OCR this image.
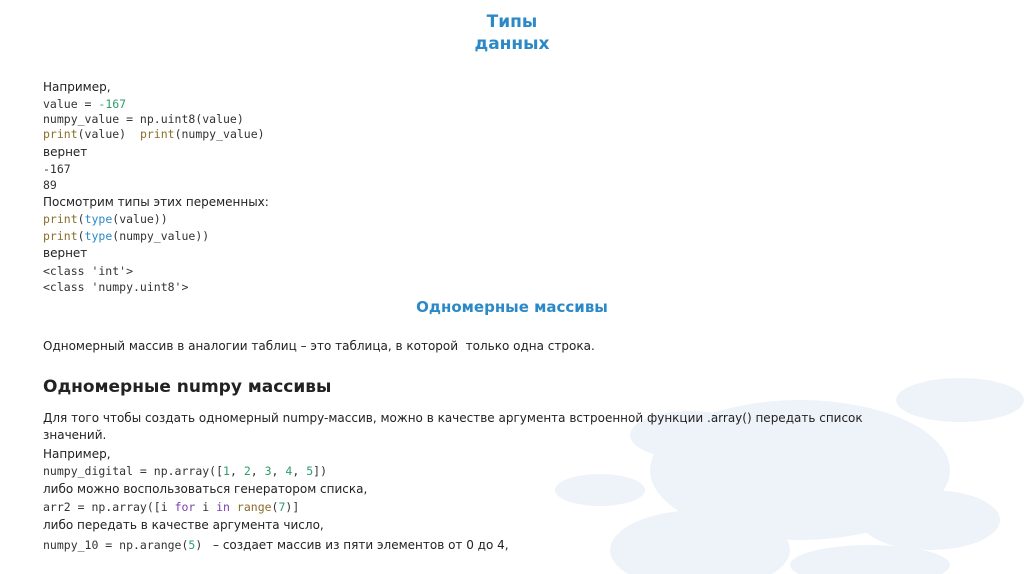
Типы
данных
Например,
value = -167
numpy_value = np.uint8(value)
print(value)  print(numpy_value)
вернет
-167
89
Посмотрим типы этих переменных:
print(type(value))
print(type(numpy_value))
вернет
<class 'int'>
<class 'numpy.uint8'>
Одномерные массивы
Одномерный массив в аналогии таблиц – это таблица, в которой  только одна строка.
Одномерные numpy массивы
Для того чтобы создать одномерный numpy-массив, можно в качестве аргумента встроенной функции .array() передать список значений.
Например,
numpy_digital = np.array([1, 2, 3, 4, 5])
либо можно воспользоваться генератором списка,
arr2 = np.array([i for i in range(7)]
либо передать в качестве аргумента число,
numpy_10 = np.arange(5)  – создает массив из пяти элементов от 0 до 4,
